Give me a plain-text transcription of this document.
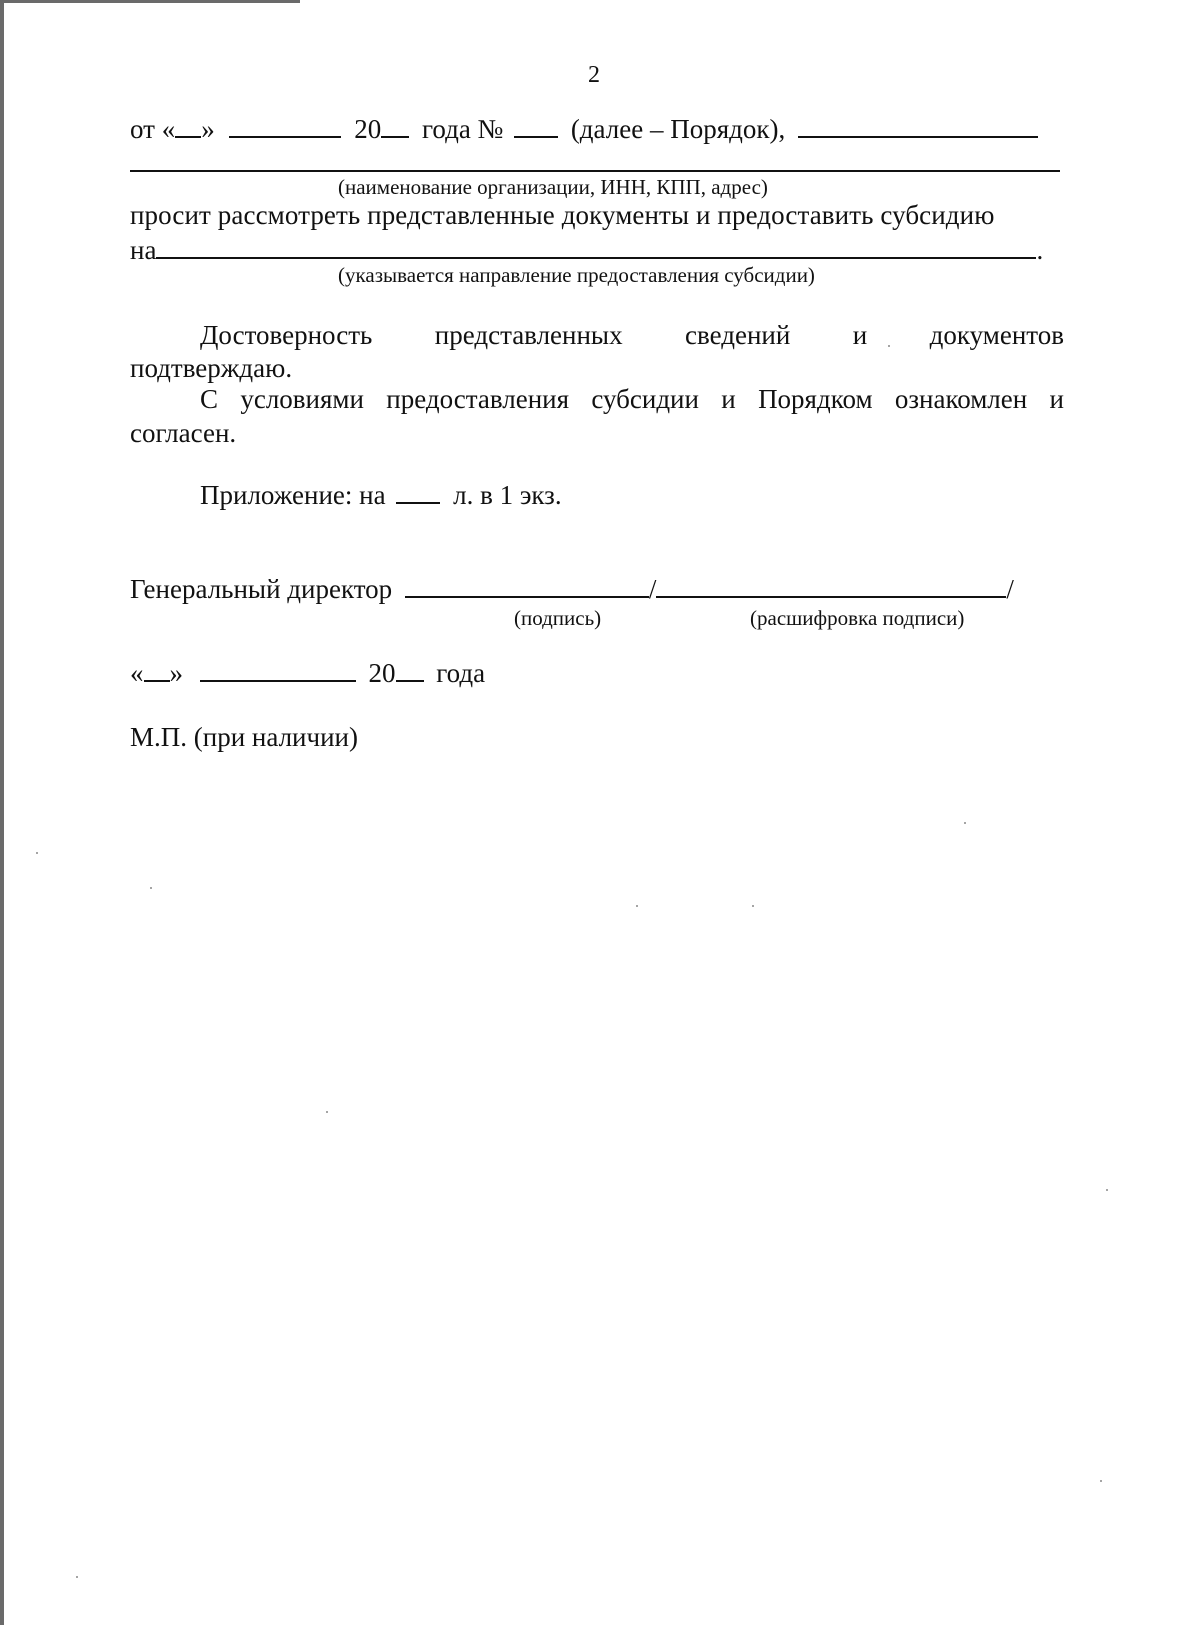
2
от « »	20 года №	(далее – Порядок),
(наименование организации, ИНН, КПП, адрес)
просит рассмотреть представленные документы и предоставить субсидию
на	.
(указывается направление предоставления субсидии)
Достоверность представленных сведений и документов
подтверждаю.
С условиями предоставления субсидии и Порядком ознакомлен и
согласен.
Приложение: на	л. в 1 экз.
Генеральный директор	/	/
(подпись)	(расшифровка подписи)
« »	20 года
М.П. (при наличии)
